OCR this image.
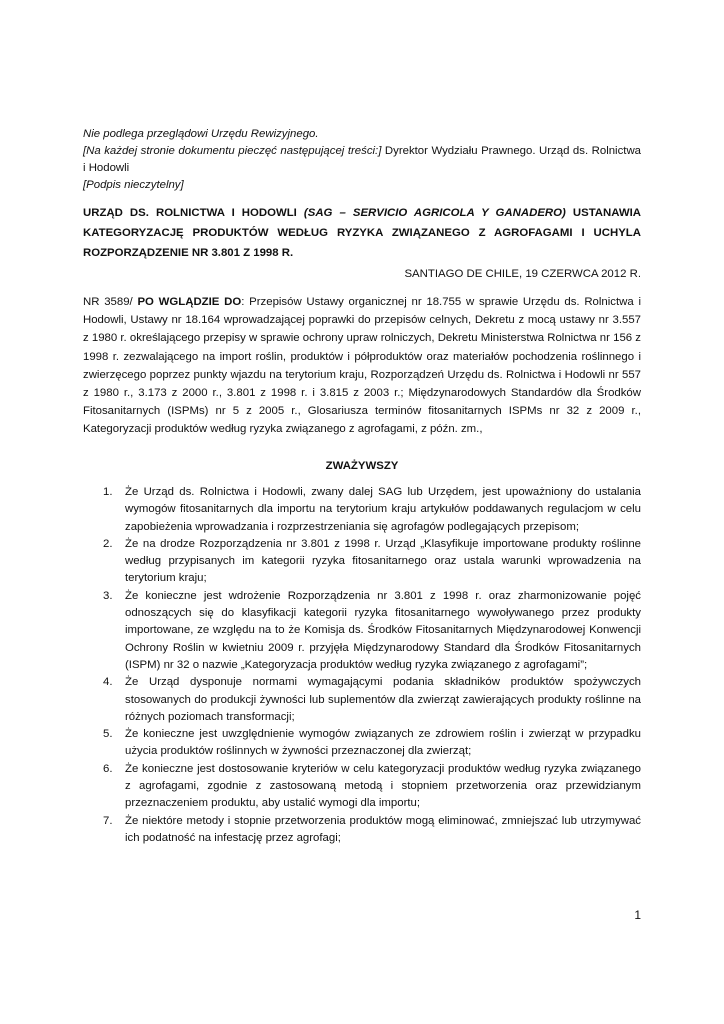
Nie podlega przeglądowi Urzędu Rewizyjnego.

[Na każdej stronie dokumentu pieczęć następującej treści:] Dyrektor Wydziału Prawnego. Urząd ds. Rolnictwa i Hodowli

[Podpis nieczytelny]

URZĄD DS. ROLNICTWA I HODOWLI (SAG – SERVICIO AGRICOLA Y GANADERO) USTANAWIA KATEGORYZACJĘ PRODUKTÓW WEDŁUG RYZYKA ZWIĄZANEGO Z AGROFAGAMI I UCHYLA ROZPORZĄDZENIE NR 3.801 Z 1998 R.

SANTIAGO DE CHILE, 19 CZERWCA 2012 R.

NR 3589/ PO WGLĄDZIE DO: Przepisów Ustawy organicznej nr 18.755 w sprawie Urzędu ds. Rolnictwa i Hodowli, Ustawy nr 18.164 wprowadzającej poprawki do przepisów celnych, Dekretu z mocą ustawy nr 3.557 z 1980 r. określającego przepisy w sprawie ochrony upraw rolniczych, Dekretu Ministerstwa Rolnictwa nr 156 z 1998 r. zezwalającego na import roślin, produktów i półproduktów oraz materiałów pochodzenia roślinnego i zwierzęcego poprzez punkty wjazdu na terytorium kraju, Rozporządzeń Urzędu ds. Rolnictwa i Hodowli nr 557 z 1980 r., 3.173 z 2000 r., 3.801 z 1998 r. i 3.815 z 2003 r.; Międzynarodowych Standardów dla Środków Fitosanitarnych (ISPMs) nr 5 z 2005 r., Glosariusza terminów fitosanitarnych ISPMs nr 32 z 2009 r., Kategoryzacji produktów według ryzyka związanego z agrofagami, z późn. zm.,

ZWAŻYWSZY

1. Że Urząd ds. Rolnictwa i Hodowli, zwany dalej SAG lub Urzędem, jest upoważniony do ustalania wymogów fitosanitarnych dla importu na terytorium kraju artykułów poddawanych regulacjom w celu zapobieżenia wprowadzania i rozprzestrzeniania się agrofagów podlegających przepisom;
2. Że na drodze Rozporządzenia nr 3.801 z 1998 r. Urząd „Klasyfikuje importowane produkty roślinne według przypisanych im kategorii ryzyka fitosanitarnego oraz ustala warunki wprowadzenia na terytorium kraju;
3. Że konieczne jest wdrożenie Rozporządzenia nr 3.801 z 1998 r. oraz zharmonizowanie pojęć odnoszących się do klasyfikacji kategorii ryzyka fitosanitarnego wywoływanego przez produkty importowane, ze względu na to że Komisja ds. Środków Fitosanitarnych Międzynarodowej Konwencji Ochrony Roślin w kwietniu 2009 r. przyjęła Międzynarodowy Standard dla Środków Fitosanitarnych (ISPM) nr 32 o nazwie „Kategoryzacja produktów według ryzyka związanego z agrofagami”;
4. Że Urząd dysponuje normami wymagającymi podania składników produktów spożywczych stosowanych do produkcji żywności lub suplementów dla zwierząt zawierających produkty roślinne na różnych poziomach transformacji;
5. Że konieczne jest uwzględnienie wymogów związanych ze zdrowiem roślin i zwierząt w przypadku użycia produktów roślinnych w żywności przeznaczonej dla zwierząt;
6. Że konieczne jest dostosowanie kryteriów w celu kategoryzacji produktów według ryzyka związanego z agrofagami, zgodnie z zastosowaną metodą i stopniem przetworzenia oraz przewidzianym przeznaczeniem produktu, aby ustalić wymogi dla importu;
7. Że niektóre metody i stopnie przetworzenia produktów mogą eliminować, zmniejszać lub utrzymywać ich podatność na infestację przez agrofagi;

1
